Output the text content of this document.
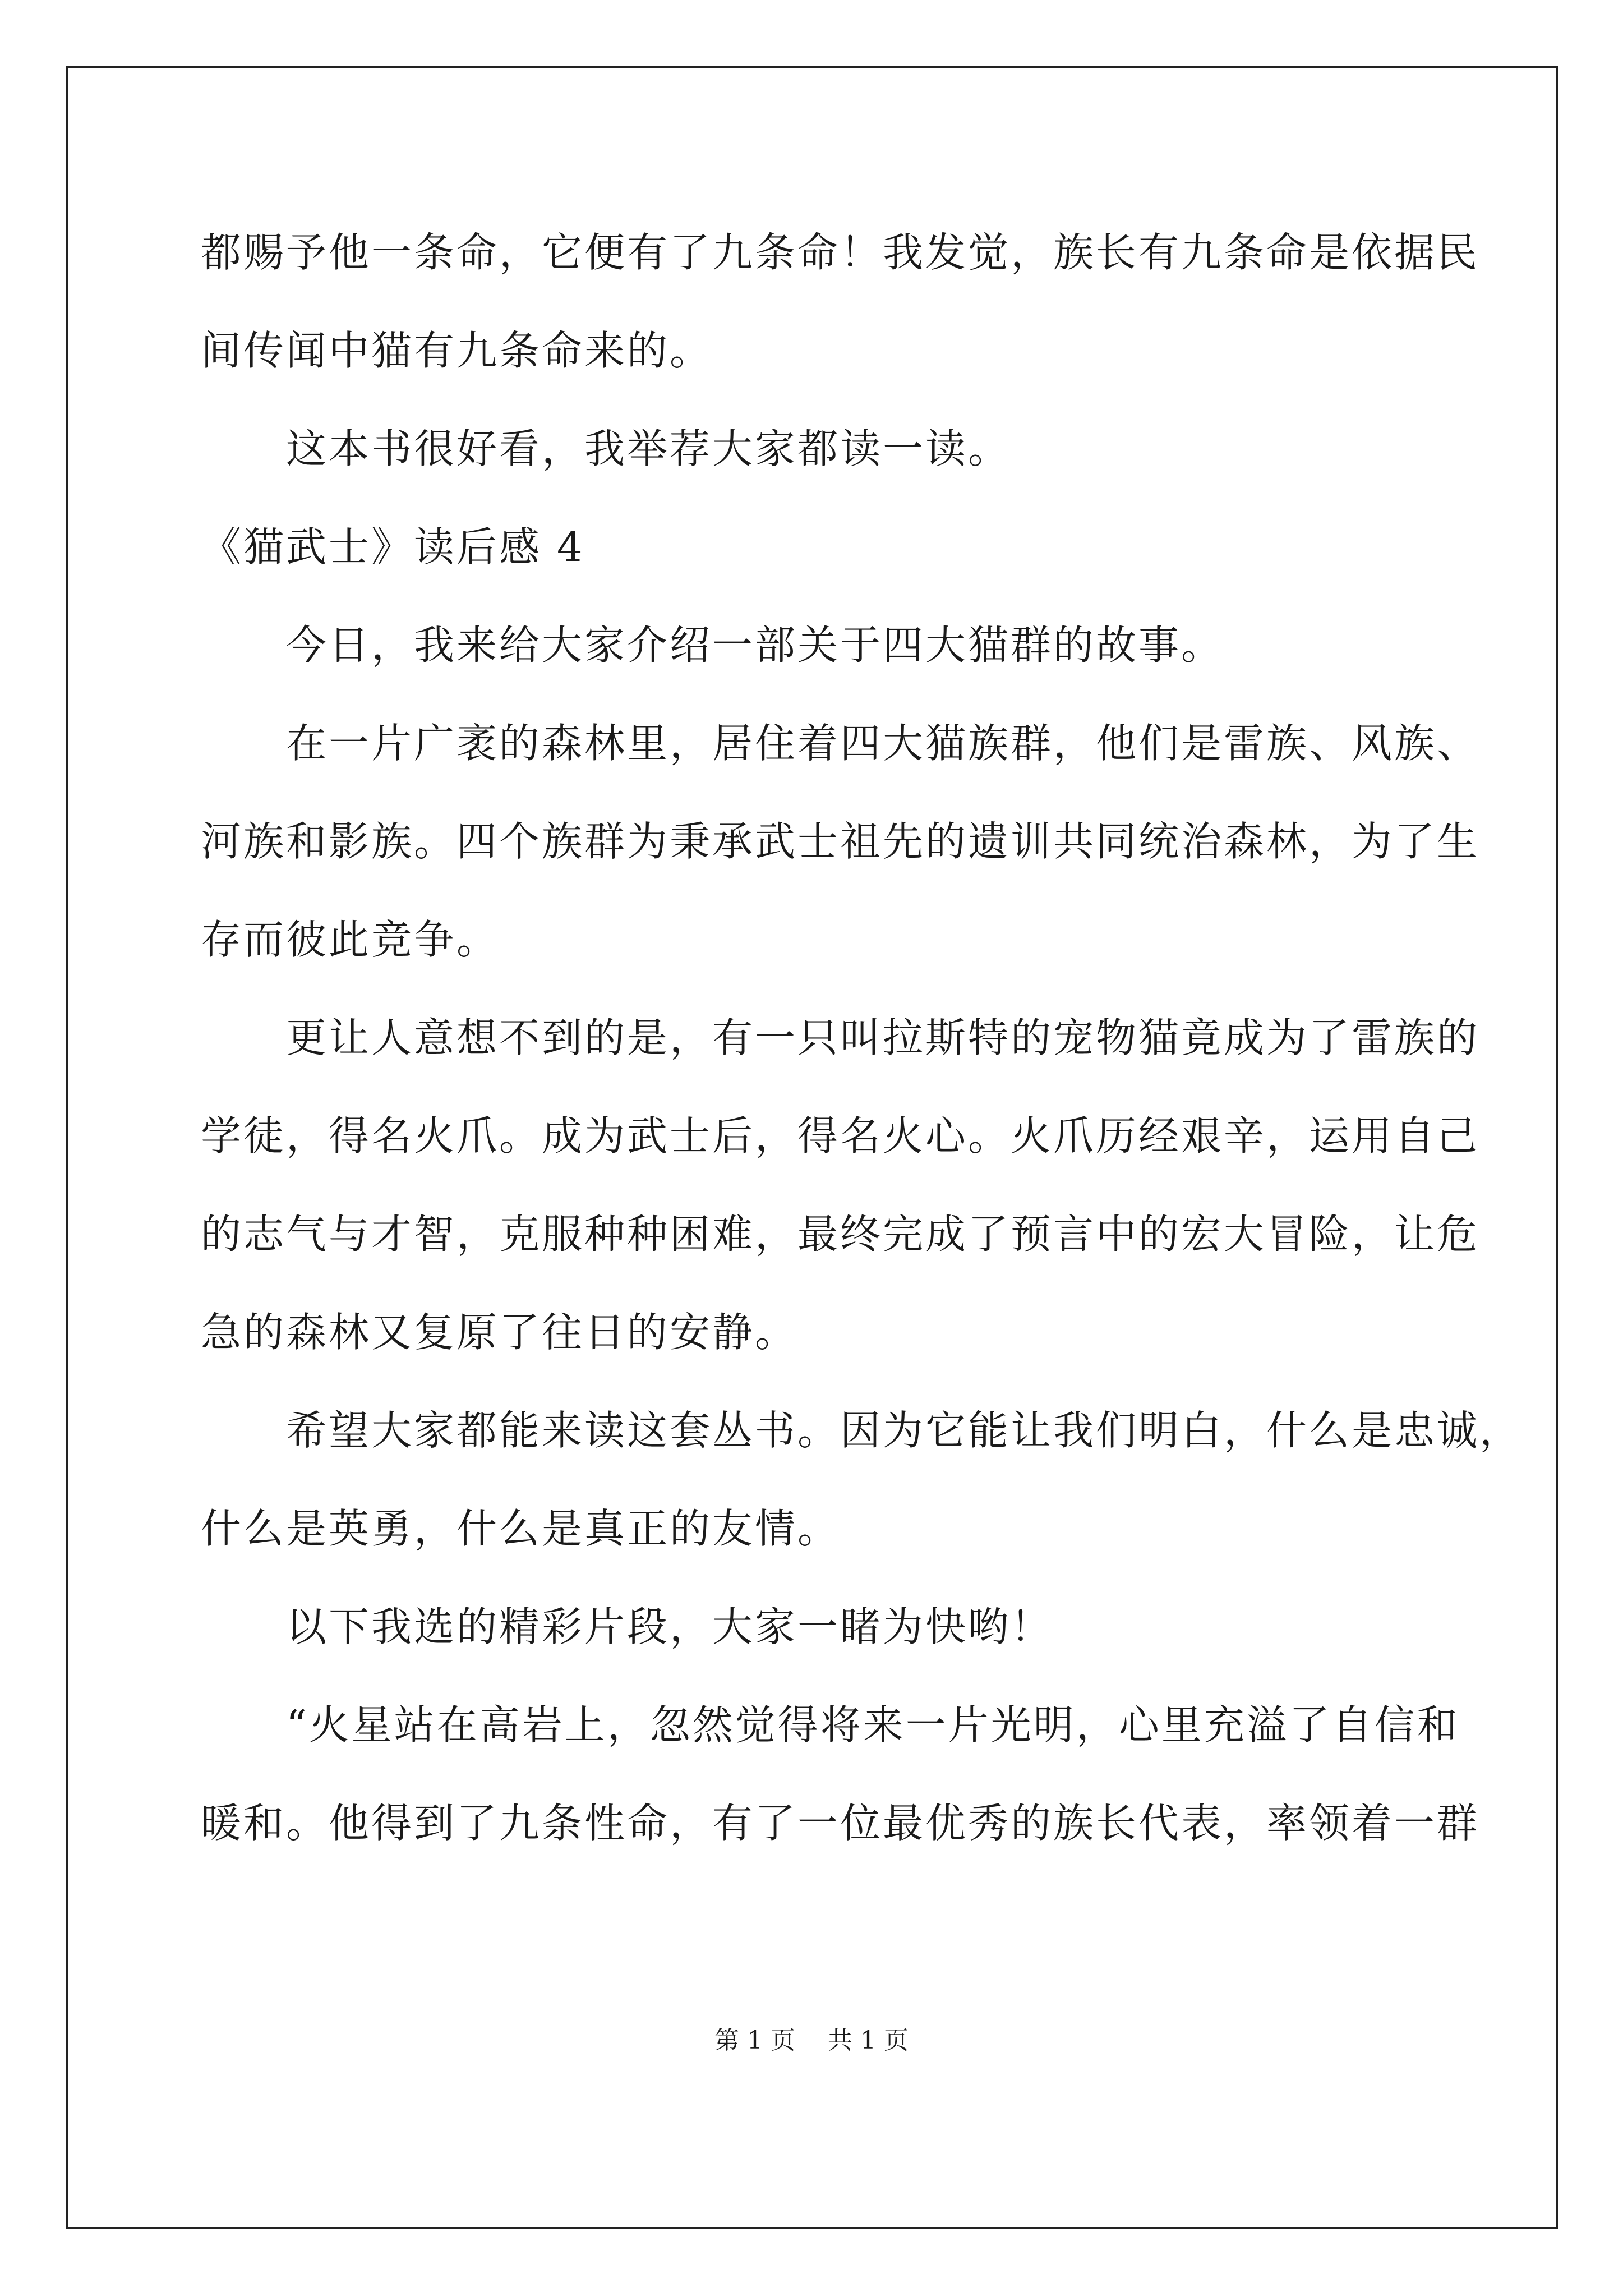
都赐予他一条命，它便有了九条命！我发觉，族长有九条命是依据民
间传闻中猫有九条命来的。
　　这本书很好看，我举荐大家都读一读。
《猫武士》读后感 4
　　今日，我来给大家介绍一部关于四大猫群的故事。
　　在一片广袤的森林里，居住着四大猫族群，他们是雷族、风族、
河族和影族。四个族群为秉承武士祖先的遗训共同统治森林，为了生
存而彼此竞争。
　　更让人意想不到的是，有一只叫拉斯特的宠物猫竟成为了雷族的
学徒，得名火爪。成为武士后，得名火心。火爪历经艰辛，运用自己
的志气与才智，克服种种困难，最终完成了预言中的宏大冒险，让危
急的森林又复原了往日的安静。
　　希望大家都能来读这套丛书。因为它能让我们明白，什么是忠诚，
什么是英勇，什么是真正的友情。
　　以下我选的精彩片段，大家一睹为快哟！
　　“火星站在高岩上，忽然觉得将来一片光明，心里充溢了自信和
暖和。他得到了九条性命，有了一位最优秀的族长代表，率领着一群
第 1 页　 共 1 页
